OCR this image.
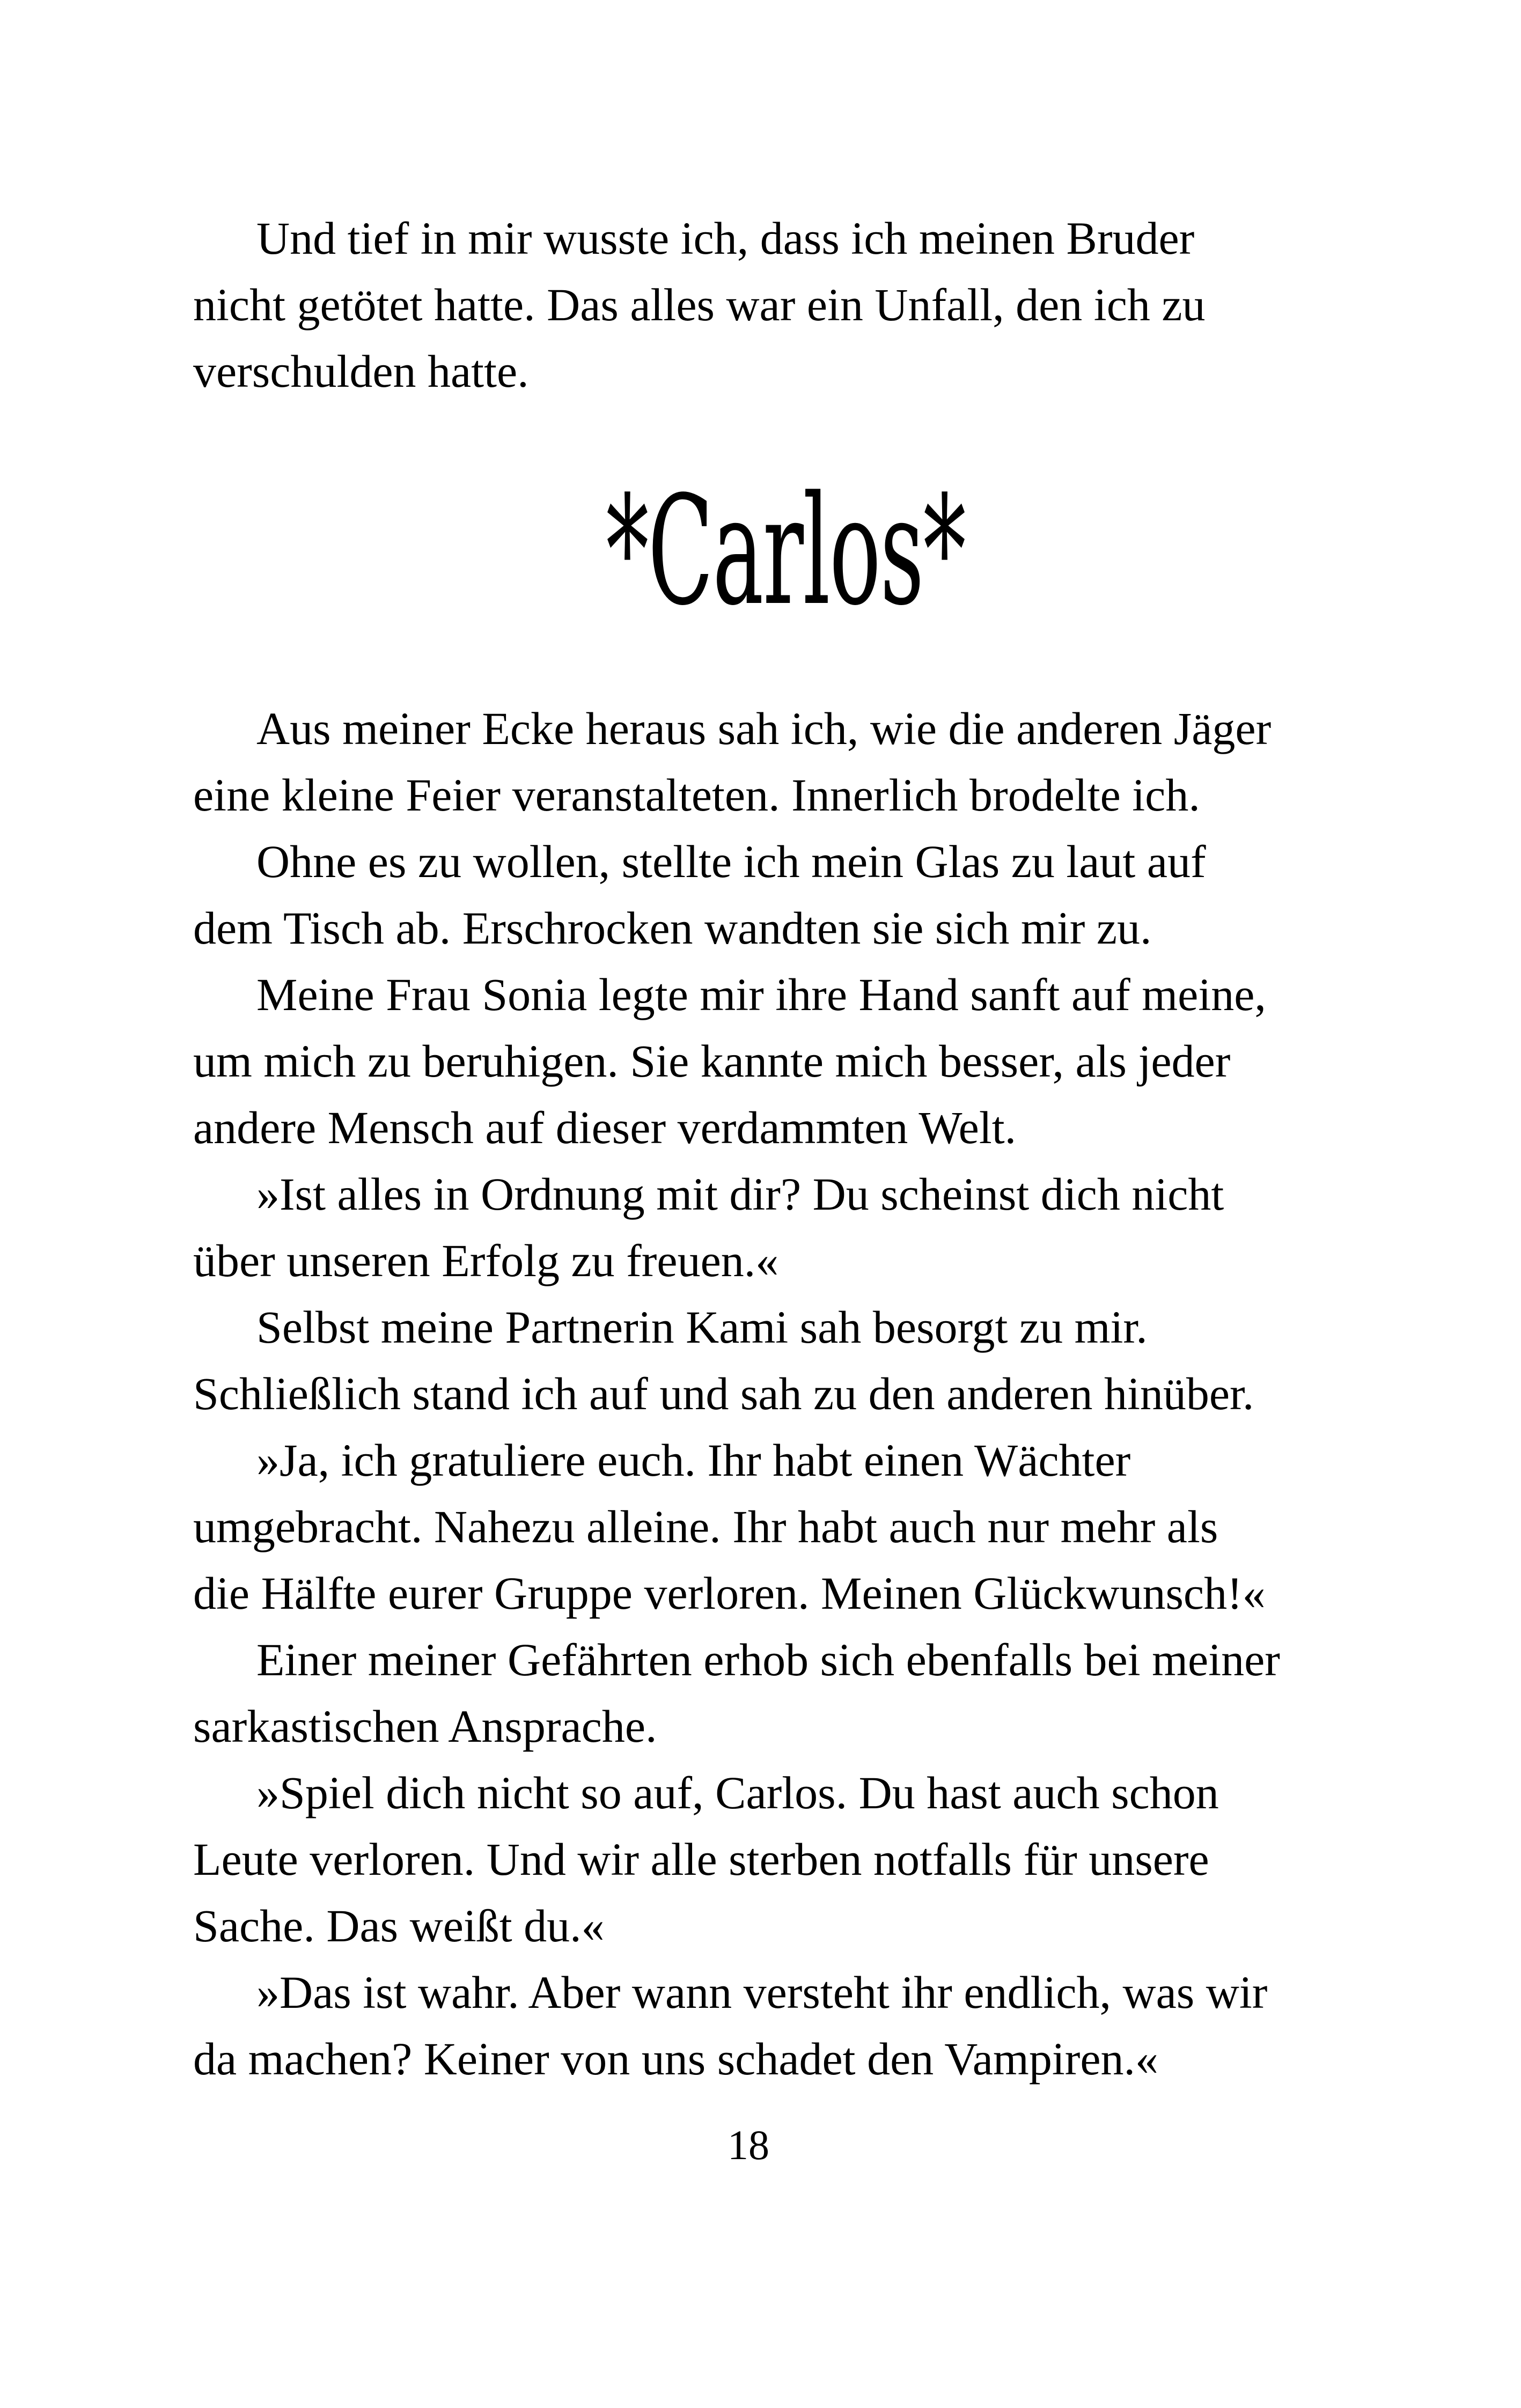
Und tief in mir wusste ich, dass ich meinen Bruder
nicht getötet hatte. Das alles war ein Unfall, den ich zu
verschulden hatte.
*Carlos*
Aus meiner Ecke heraus sah ich, wie die anderen Jäger
eine kleine Feier veranstalteten. Innerlich brodelte ich.
Ohne es zu wollen, stellte ich mein Glas zu laut auf
dem Tisch ab. Erschrocken wandten sie sich mir zu.
Meine Frau Sonia legte mir ihre Hand sanft auf meine,
um mich zu beruhigen. Sie kannte mich besser, als jeder
andere Mensch auf dieser verdammten Welt.
»Ist alles in Ordnung mit dir? Du scheinst dich nicht
über unseren Erfolg zu freuen.«
Selbst meine Partnerin Kami sah besorgt zu mir.
Schließlich stand ich auf und sah zu den anderen hinüber.
»Ja, ich gratuliere euch. Ihr habt einen Wächter
umgebracht. Nahezu alleine. Ihr habt auch nur mehr als
die Hälfte eurer Gruppe verloren. Meinen Glückwunsch!«
Einer meiner Gefährten erhob sich ebenfalls bei meiner
sarkastischen Ansprache.
»Spiel dich nicht so auf, Carlos. Du hast auch schon
Leute verloren. Und wir alle sterben notfalls für unsere
Sache. Das weißt du.«
»Das ist wahr. Aber wann versteht ihr endlich, was wir
da machen? Keiner von uns schadet den Vampiren.«
18
